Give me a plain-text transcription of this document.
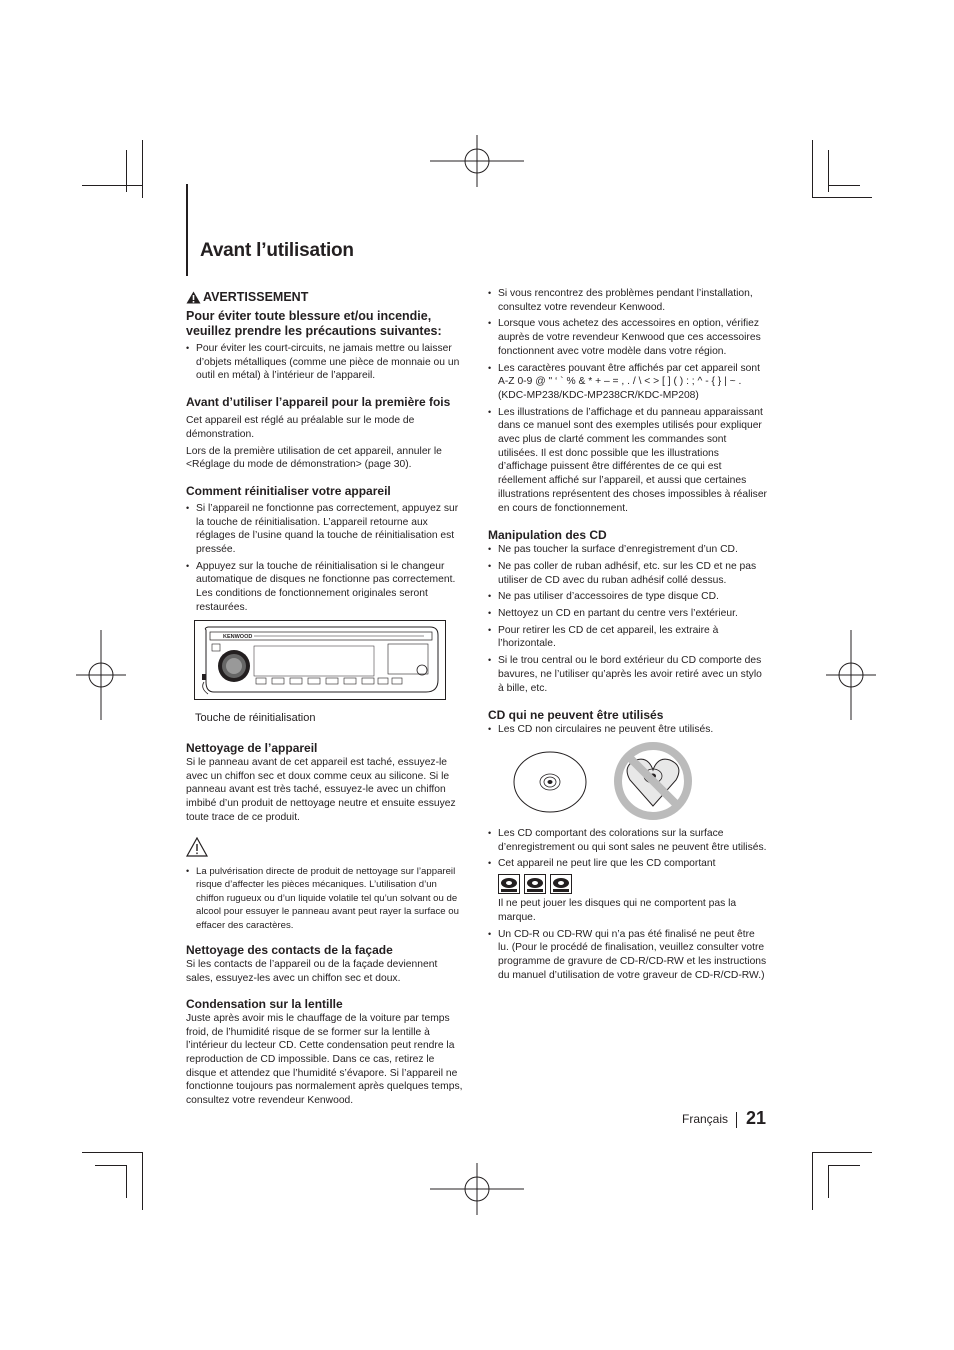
Avant l’utilisation
AVERTISSEMENT

Pour éviter toute blessure et/ou incendie, veuillez prendre les précautions suivantes:

• Pour éviter les court-circuits, ne jamais mettre ou laisser d’objets métalliques (comme une pièce de monnaie ou un outil en métal) à l’intérieur de l’appareil.

Avant d’utiliser l’appareil pour la première fois

Cet appareil est réglé au préalable sur le mode de démonstration.

Lors de la première utilisation de cet appareil, annuler le <Réglage du mode de démonstration> (page 30).

Comment réinitialiser votre appareil

• Si l’appareil ne fonctionne pas correctement, appuyez sur la touche de réinitialisation. L’appareil retourne aux réglages de l’usine quand la touche de réinitialisation est pressée.
• Appuyez sur la touche de réinitialisation si le changeur automatique de disques ne fonctionne pas correctement. Les conditions de fonctionnement originales seront restaurées.
KENWOOD
Touche de réinitialisation

Nettoyage de l’appareil

Si le panneau avant de cet appareil est taché, essuyez-le avec un chiffon sec et doux comme ceux au silicone. Si le panneau avant est très taché, essuyez-le avec un chiffon imbibé d’un produit de nettoyage neutre et ensuite essuyez toute trace de ce produit.

• La pulvérisation directe de produit de nettoyage sur l’appareil risque d’affecter les pièces mécaniques. L’utilisation d’un chiffon rugueux ou d’un liquide volatile tel qu’un solvant ou de alcool pour essuyer le panneau avant peut rayer la surface ou effacer des caractères.

Nettoyage des contacts de la façade

Si les contacts de l’appareil ou de la façade deviennent sales, essuyez-les avec un chiffon sec et doux.

Condensation sur la lentille

Juste après avoir mis le chauffage de la voiture par temps froid, de l’humidité risque de se former sur la lentille à l’intérieur du lecteur CD. Cette condensation peut rendre la reproduction de CD impossible. Dans ce cas, retirez le disque et attendez que l’humidité s’évapore. Si l’appareil ne fonctionne toujours pas normalement après quelques temps, consultez votre revendeur Kenwood.

• Si vous rencontrez des problèmes pendant l’installation, consultez votre revendeur Kenwood.
• Lorsque vous achetez des accessoires en option, vérifiez auprès de votre revendeur Kenwood que ces accessoires fonctionnent avec votre modèle dans votre région.
• Les caractères pouvant être affichés par cet appareil sont A-Z 0-9 @ " ‘ ` % & * + – = , . / \ < > [ ] ( ) : ; ^ - { } | ~ . (KDC-MP238/KDC-MP238CR/KDC-MP208)
• Les illustrations de l’affichage et du panneau apparaissant dans ce manuel sont des exemples utilisés pour expliquer avec plus de clarté comment les commandes sont utilisées. Il est donc possible que les illustrations d’affichage puissent être différentes de ce qui est réellement affiché sur l’appareil, et aussi que certaines illustrations représentent des choses impossibles à réaliser en cours de fonctionnement.

Manipulation des CD

• Ne pas toucher la surface d’enregistrement d’un CD.
• Ne pas coller de ruban adhésif, etc. sur les CD et ne pas utiliser de CD avec du ruban adhésif collé dessus.
• Ne pas utiliser d’accessoires de type disque CD.
• Nettoyez un CD en partant du centre vers l’extérieur.
• Pour retirer les CD de cet appareil, les extraire à l’horizontale.
• Si le trou central ou le bord extérieur du CD comporte des bavures, ne l’utiliser qu’après les avoir retiré avec un stylo à bille, etc.

CD qui ne peuvent être utilisés

• Les CD non circulaires ne peuvent être utilisés.
• Les CD comportant des colorations sur la surface d’enregistrement ou qui sont sales ne peuvent être utilisés.
• Cet appareil ne peut lire que les CD comportant
Il ne peut jouer les disques qui ne comportent pas la marque.
• Un CD-R ou CD-RW qui n’a pas été finalisé ne peut être lu. (Pour le procédé de finalisation, veuillez consulter votre programme de gravure de CD-R/CD-RW et les instructions du manuel d’utilisation de votre graveur de CD-R/CD-RW.)
Français 21
